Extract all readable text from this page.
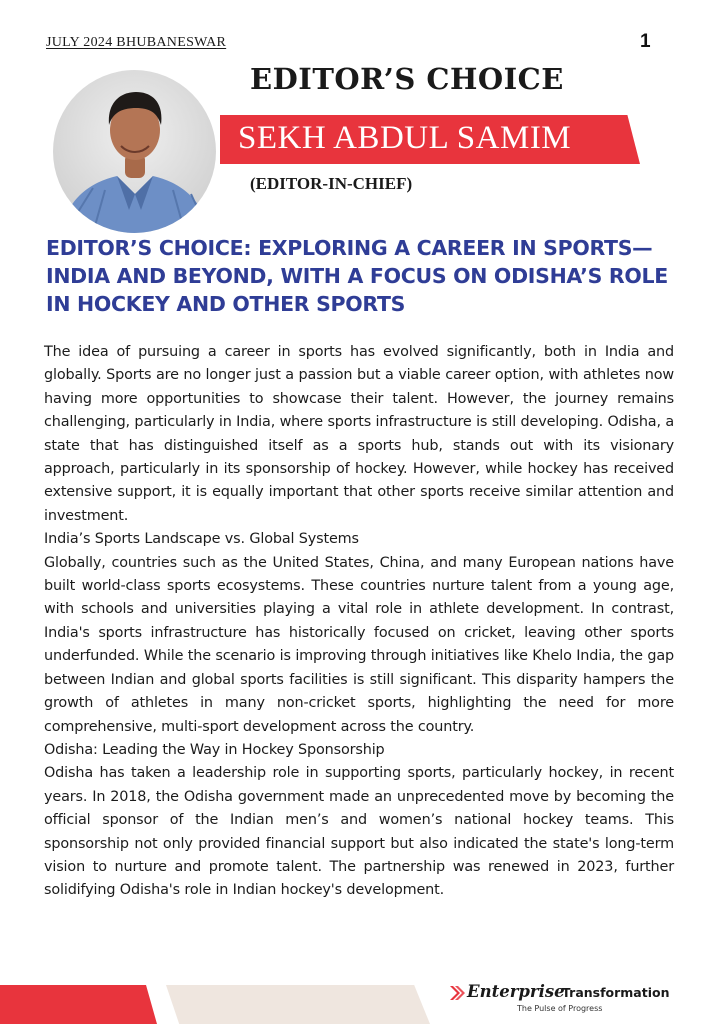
JULY 2024 BHUBANESWAR	1
EDITOR’S CHOICE
SEKH ABDUL SAMIM
(EDITOR-IN-CHIEF)
EDITOR’S CHOICE: EXPLORING A CAREER IN SPORTS—INDIA AND BEYOND, WITH A FOCUS ON ODISHA’S ROLE IN HOCKEY AND OTHER SPORTS

The idea of pursuing a career in sports has evolved significantly, both in India and globally. Sports are no longer just a passion but a viable career option, with athletes now having more opportunities to showcase their talent. However, the journey remains challenging, particularly in India, where sports infrastructure is still developing. Odisha, a state that has distinguished itself as a sports hub, stands out with its visionary approach, particularly in its sponsorship of hockey. However, while hockey has received extensive support, it is equally important that other sports receive similar attention and investment.

India’s Sports Landscape vs. Global Systems

Globally, countries such as the United States, China, and many European nations have built world-class sports ecosystems. These countries nurture talent from a young age, with schools and universities playing a vital role in athlete development. In contrast, India's sports infrastructure has historically focused on cricket, leaving other sports underfunded. While the scenario is improving through initiatives like Khelo India, the gap between Indian and global sports facilities is still significant. This disparity hampers the growth of athletes in many non-cricket sports, highlighting the need for more comprehensive, multi-sport development across the country.

Odisha: Leading the Way in Hockey Sponsorship

Odisha has taken a leadership role in supporting sports, particularly hockey, in recent years. In 2018, the Odisha government made an unprecedented move by becoming the official sponsor of the Indian men’s and women’s national hockey teams. This sponsorship not only provided financial support but also indicated the state's long-term vision to nurture and promote talent. The partnership was renewed in 2023, further solidifying Odisha's role in Indian hockey's development.

Enterprise
Transformation
The Pulse of Progress
